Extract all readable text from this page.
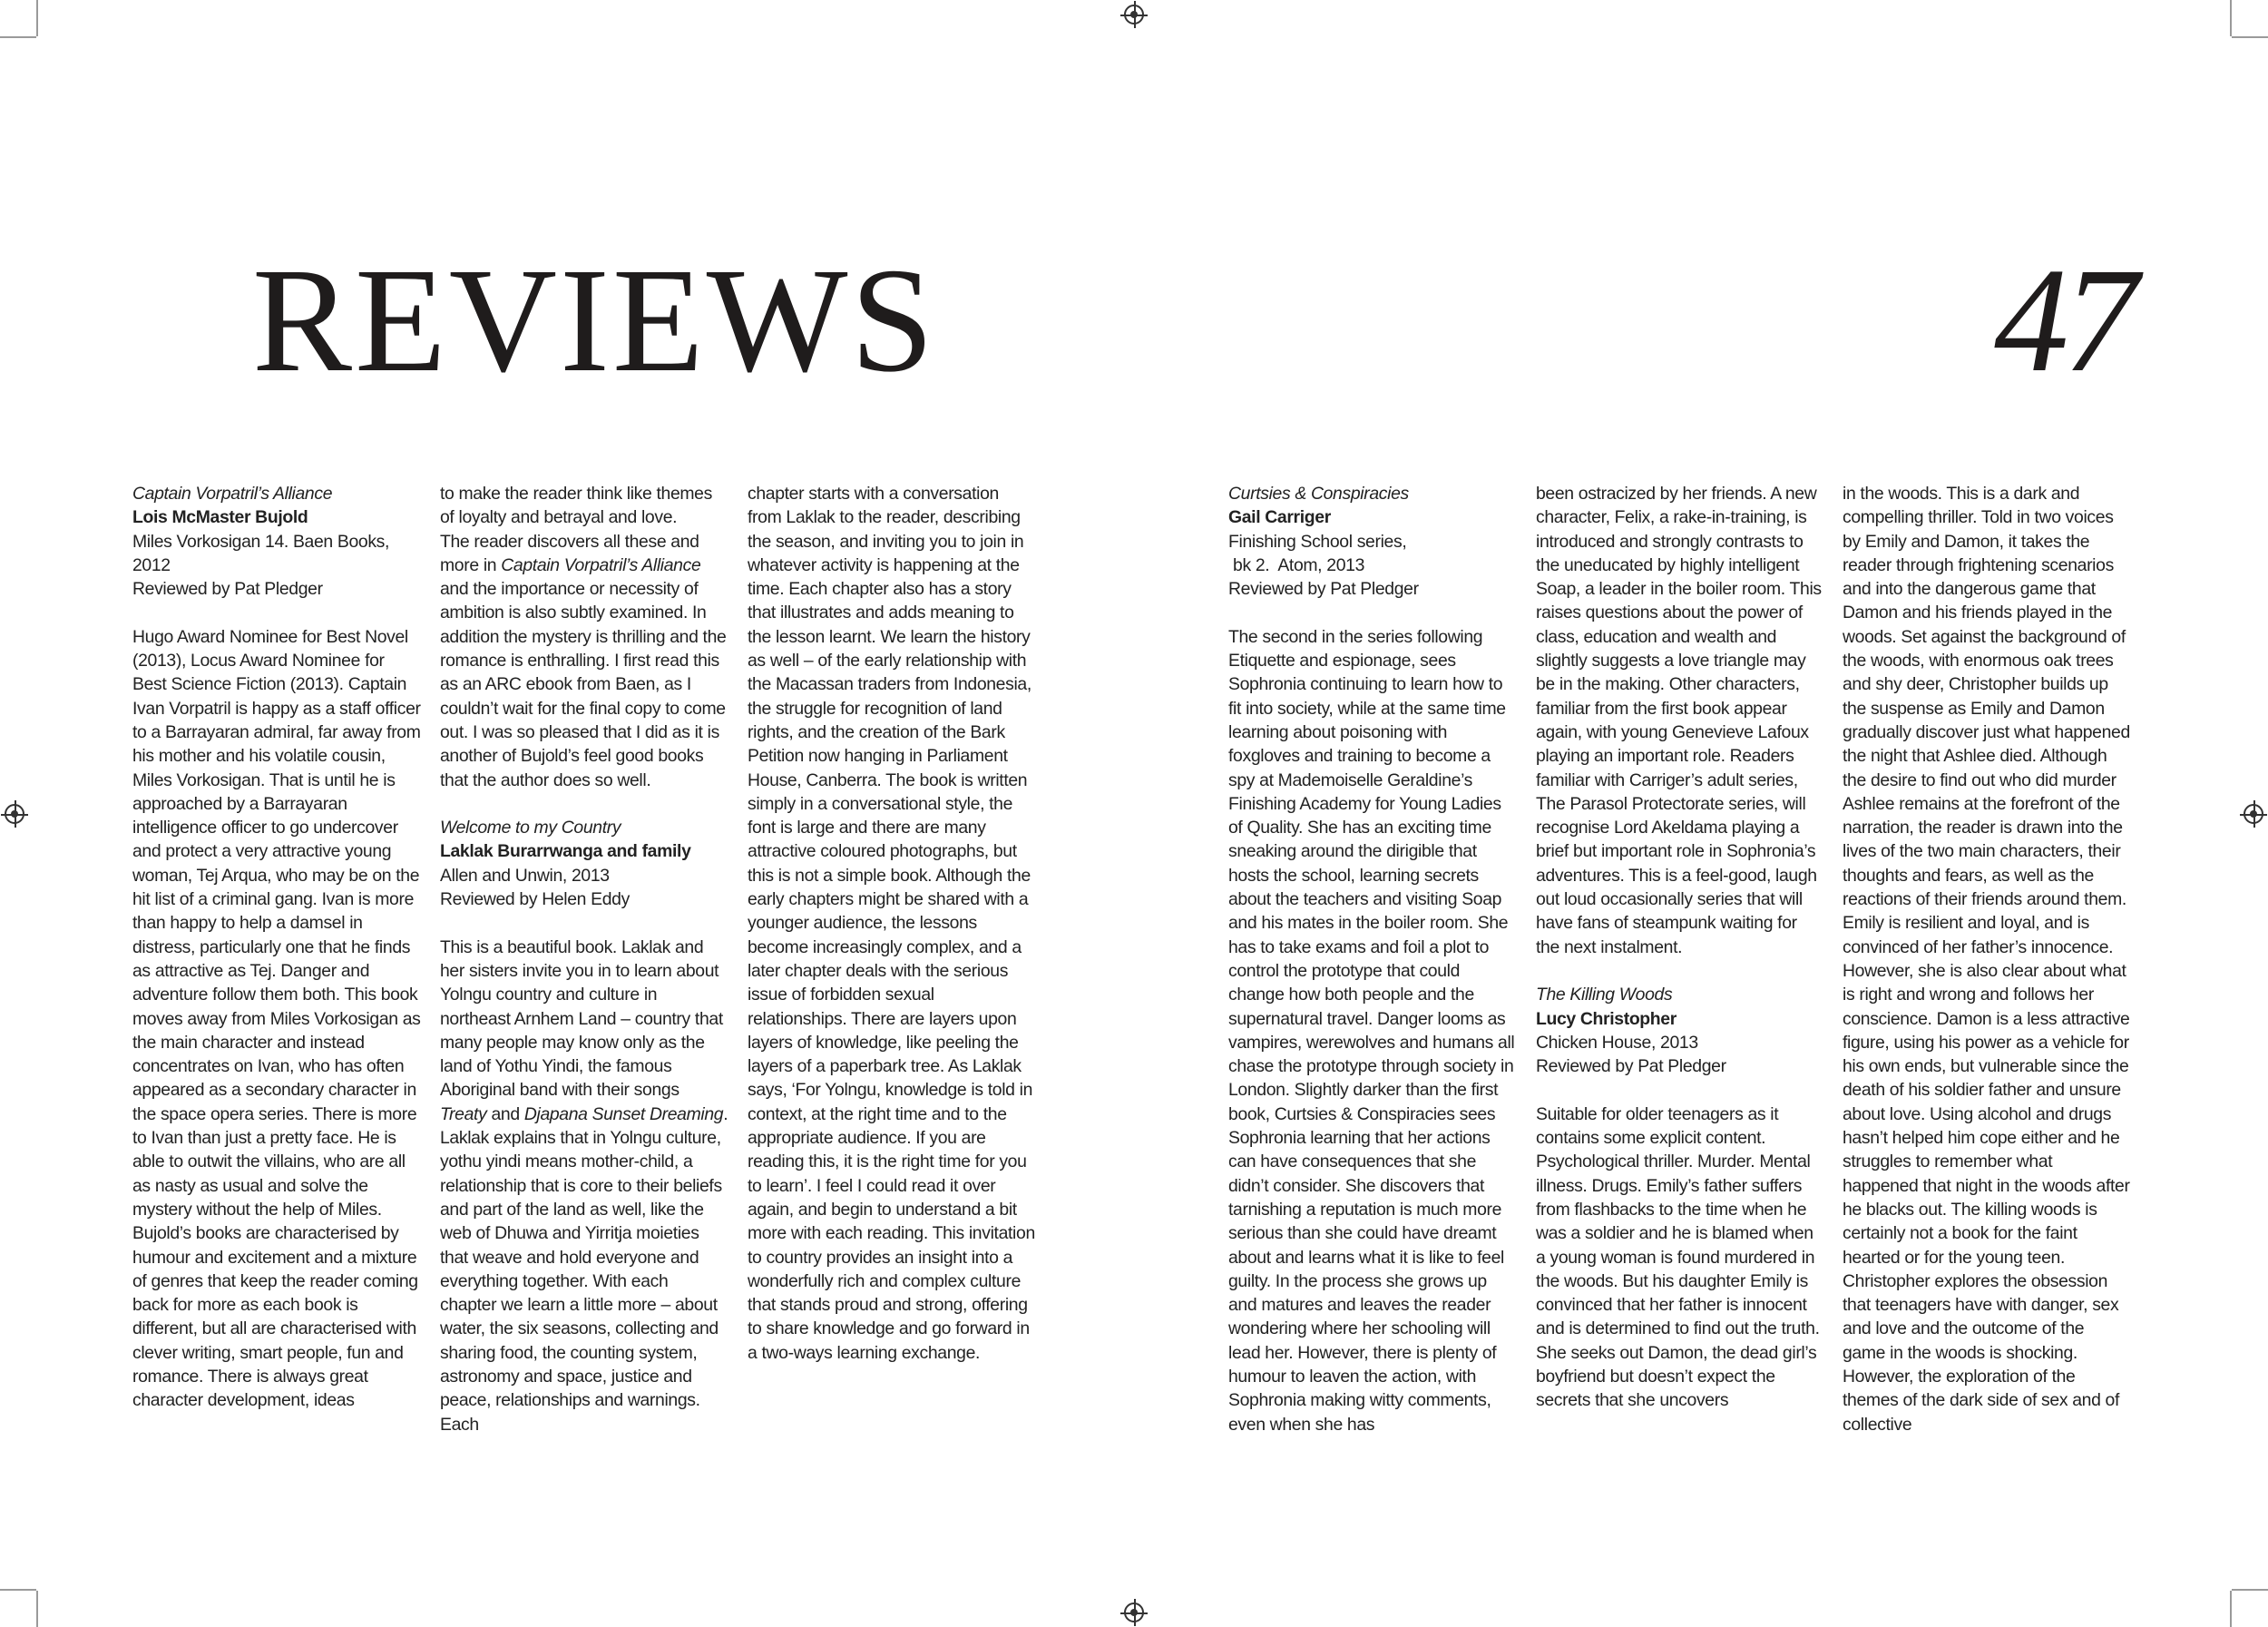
REVIEWS	47

Captain Vorpatril’s Alliance

Lois McMaster Bujold

Miles Vorkosigan 14. Baen Books,

2012

Reviewed by Pat Pledger

Hugo Award Nominee for Best Novel (2013), Locus Award Nominee for Best Science Fiction (2013). Captain Ivan Vorpatril is happy as a staff officer to a Barrayaran admiral, far away from his mother and his volatile cousin, Miles Vorkosigan. That is until he is approached by a Barrayaran intelligence officer to go undercover and protect a very attractive young woman, Tej Arqua, who may be on the hit list of a criminal gang. Ivan is more than happy to help a damsel in distress, particularly one that he finds as attractive as Tej. Danger and adventure follow them both. This book moves away from Miles Vorkosigan as the main character and instead concentrates on Ivan, who has often appeared as a secondary character in the space opera series. There is more to Ivan than just a pretty face. He is able to outwit the villains, who are all as nasty as usual and solve the mystery without the help of Miles. Bujold’s books are characterised by humour and excitement and a mixture of genres that keep the reader coming back for more as each book is different, but all are characterised with clever writing, smart people, fun and romance. There is always great character development, ideas

to make the reader think like themes of loyalty and betrayal and love.

The reader discovers all these and more in Captain Vorpatril’s Alliance and the importance or necessity of ambition is also subtly examined. In addition the mystery is thrilling and the romance is enthralling. I first read this as an ARC ebook from Baen, as I couldn’t wait for the final copy to come out. I was so pleased that I did as it is another of Bujold’s feel good books that the author does so well.

Welcome to my Country

Laklak Burarrwanga and family

Allen and Unwin, 2013

Reviewed by Helen Eddy

This is a beautiful book. Laklak and her sisters invite you in to learn about Yolngu country and culture in northeast Arnhem Land – country that many people may know only as the land of Yothu Yindi, the famous Aboriginal band with their songs Treaty and Djapana Sunset Dreaming. Laklak explains that in Yolngu culture, yothu yindi means mother-child, a relationship that is core to their beliefs and part of the land as well, like the web of Dhuwa and Yirritja moieties that weave and hold everyone and everything together. With each chapter we learn a little more – about water, the six seasons, collecting and sharing food, the counting system, astronomy and space, justice and peace, relationships and warnings. Each

chapter starts with a conversation from Laklak to the reader, describing the season, and inviting you to join in whatever activity is happening at the time. Each chapter also has a story that illustrates and adds meaning to the lesson learnt. We learn the history as well – of the early relationship with the Macassan traders from Indonesia, the struggle for recognition of land rights, and the creation of the Bark Petition now hanging in Parliament House, Canberra. The book is written simply in a conversational style, the font is large and there are many attractive coloured photographs, but this is not a simple book. Although the early chapters might be shared with a younger audience, the lessons become increasingly complex, and a later chapter deals with the serious issue of forbidden sexual relationships. There are layers upon layers of knowledge, like peeling the layers of a paperbark tree. As Laklak says, ‘For Yolngu, knowledge is told in context, at the right time and to the appropriate audience. If you are reading this, it is the right time for you to learn’. I feel I could read it over again, and begin to understand a bit more with each reading. This invitation to country provides an insight into a wonderfully rich and complex culture that stands proud and strong, offering to share knowledge and go forward in a two-ways learning exchange.

Curtsies & Conspiracies

Gail Carriger

Finishing School series,

bk 2.  Atom, 2013

Reviewed by Pat Pledger

The second in the series following Etiquette and espionage, sees Sophronia continuing to learn how to fit into society, while at the same time learning about poisoning with foxgloves and training to become a spy at Mademoiselle Geraldine’s Finishing Academy for Young Ladies of Quality. She has an exciting time sneaking around the dirigible that hosts the school, learning secrets about the teachers and visiting Soap and his mates in the boiler room. She has to take exams and foil a plot to control the prototype that could change how both people and the supernatural travel. Danger looms as vampires, werewolves and humans all chase the prototype through society in London. Slightly darker than the first book, Curtsies & Conspiracies sees Sophronia learning that her actions can have consequences that she didn’t consider. She discovers that tarnishing a reputation is much more serious than she could have dreamt about and learns what it is like to feel guilty. In the process she grows up and matures and leaves the reader wondering where her schooling will lead her. However, there is plenty of humour to leaven the action, with Sophronia making witty comments, even when she has

been ostracized by her friends. A new character, Felix, a rake-in-training, is introduced and strongly contrasts to the uneducated by highly intelligent Soap, a leader in the boiler room. This raises questions about the power of class, education and wealth and slightly suggests a love triangle may be in the making. Other characters, familiar from the first book appear again, with young Genevieve Lafoux playing an important role. Readers familiar with Carriger’s adult series, The Parasol Protectorate series, will recognise Lord Akeldama playing a brief but important role in Sophronia’s adventures. This is a feel-good, laugh out loud occasionally series that will have fans of steampunk waiting for the next instalment.

The Killing Woods

Lucy Christopher

Chicken House, 2013

Reviewed by Pat Pledger

Suitable for older teenagers as it contains some explicit content. Psychological thriller. Murder. Mental illness. Drugs. Emily’s father suffers from flashbacks to the time when he was a soldier and he is blamed when a young woman is found murdered in the woods. But his daughter Emily is convinced that her father is innocent and is determined to find out the truth. She seeks out Damon, the dead girl’s boyfriend but doesn’t expect the secrets that she uncovers

in the woods. This is a dark and compelling thriller. Told in two voices by Emily and Damon, it takes the reader through frightening scenarios and into the dangerous game that Damon and his friends played in the woods. Set against the background of the woods, with enormous oak trees and shy deer, Christopher builds up the suspense as Emily and Damon gradually discover just what happened the night that Ashlee died. Although the desire to find out who did murder Ashlee remains at the forefront of the narration, the reader is drawn into the lives of the two main characters, their thoughts and fears, as well as the reactions of their friends around them. Emily is resilient and loyal, and is convinced of her father’s innocence. However, she is also clear about what is right and wrong and follows her conscience. Damon is a less attractive figure, using his power as a vehicle for his own ends, but vulnerable since the death of his soldier father and unsure about love. Using alcohol and drugs hasn’t helped him cope either and he struggles to remember what happened that night in the woods after he blacks out. The killing woods is certainly not a book for the faint hearted or for the young teen. Christopher explores the obsession that teenagers have with danger, sex and love and the outcome of the game in the woods is shocking. However, the exploration of the themes of the dark side of sex and of collective
